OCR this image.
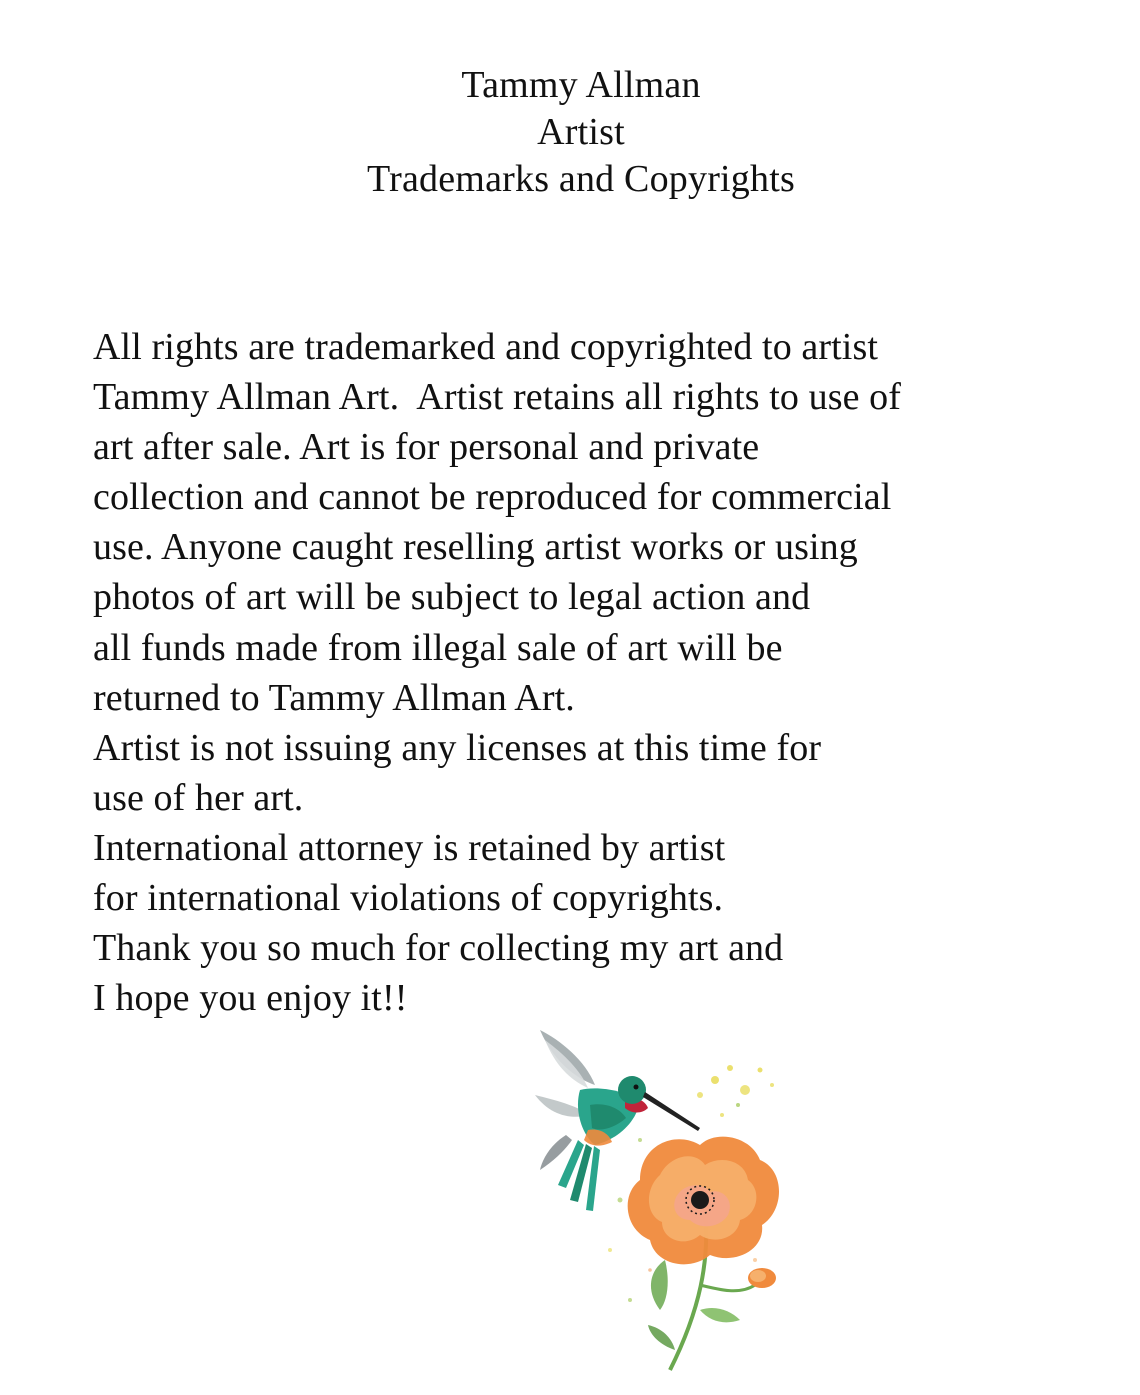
Tammy Allman
Artist
Trademarks and Copyrights
All rights are trademarked and copyrighted to artist
Tammy Allman Art.  Artist retains all rights to use of
art after sale. Art is for personal and private
collection and cannot be reproduced for commercial
use. Anyone caught reselling artist works or using
photos of art will be subject to legal action and
all funds made from illegal sale of art will be
returned to Tammy Allman Art.
Artist is not issuing any licenses at this time for
use of her art.
International attorney is retained by artist
for international violations of copyrights.
Thank you so much for collecting my art and
I hope you enjoy it!!
